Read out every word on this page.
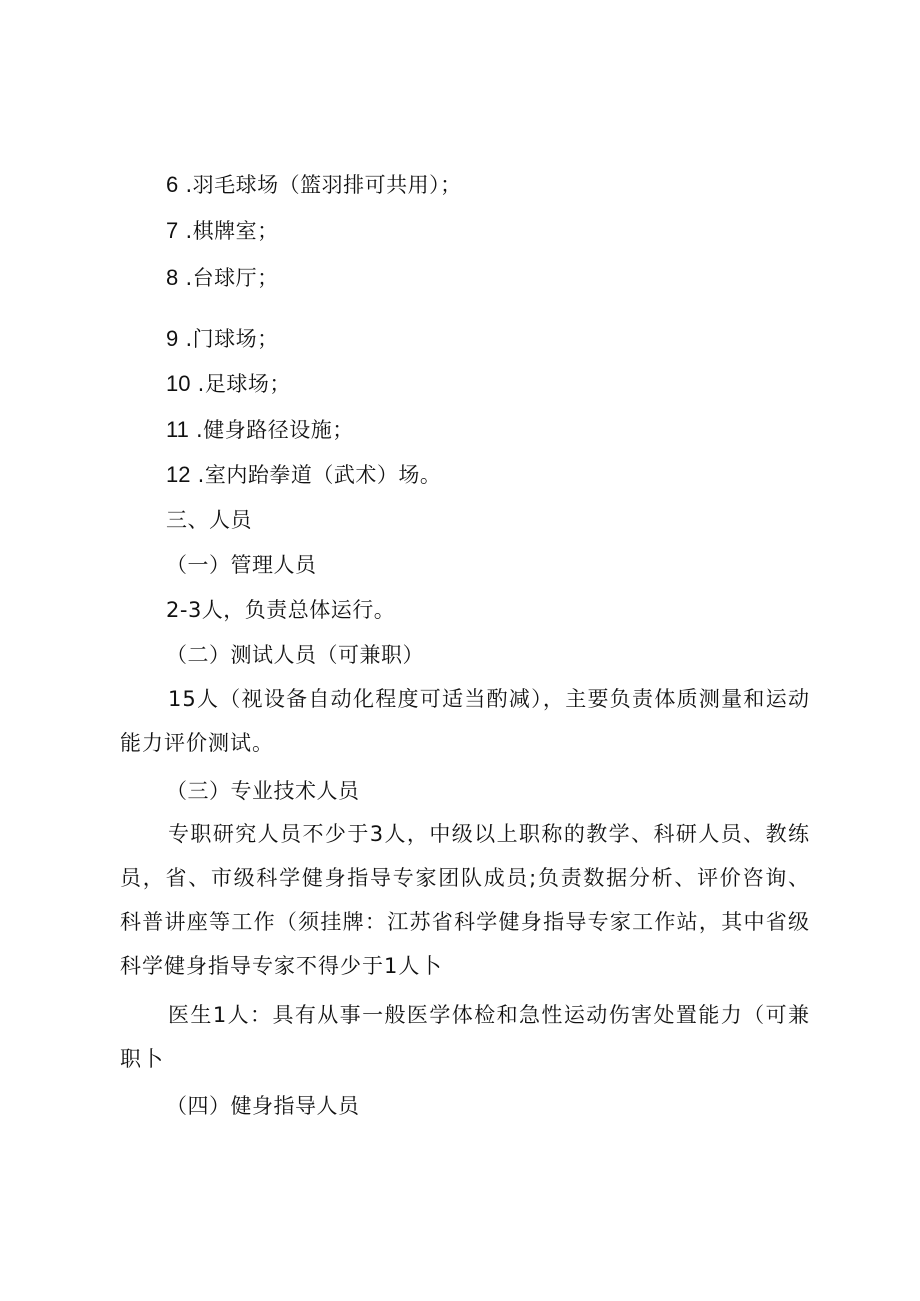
6 .羽毛球场（篮羽排可共用）；
7 .棋牌室；
8 .台球厅；
9 .门球场；
10 .足球场；
11 .健身路径设施；
12 .室内跆拳道（武术）场。
三、人员
（一）管理人员
2-3人，负责总体运行。
（二）测试人员（可兼职）
15人（视设备自动化程度可适当酌减），主要负责体质测量和运动能力评价测试。
（三）专业技术人员
专职研究人员不少于3人，中级以上职称的教学、科研人员、教练员，省、市级科学健身指导专家团队成员;负责数据分析、评价咨询、科普讲座等工作（须挂牌：江苏省科学健身指导专家工作站，其中省级科学健身指导专家不得少于1人卜
医生1人：具有从事一般医学体检和急性运动伤害处置能力（可兼职卜
（四）健身指导人员
